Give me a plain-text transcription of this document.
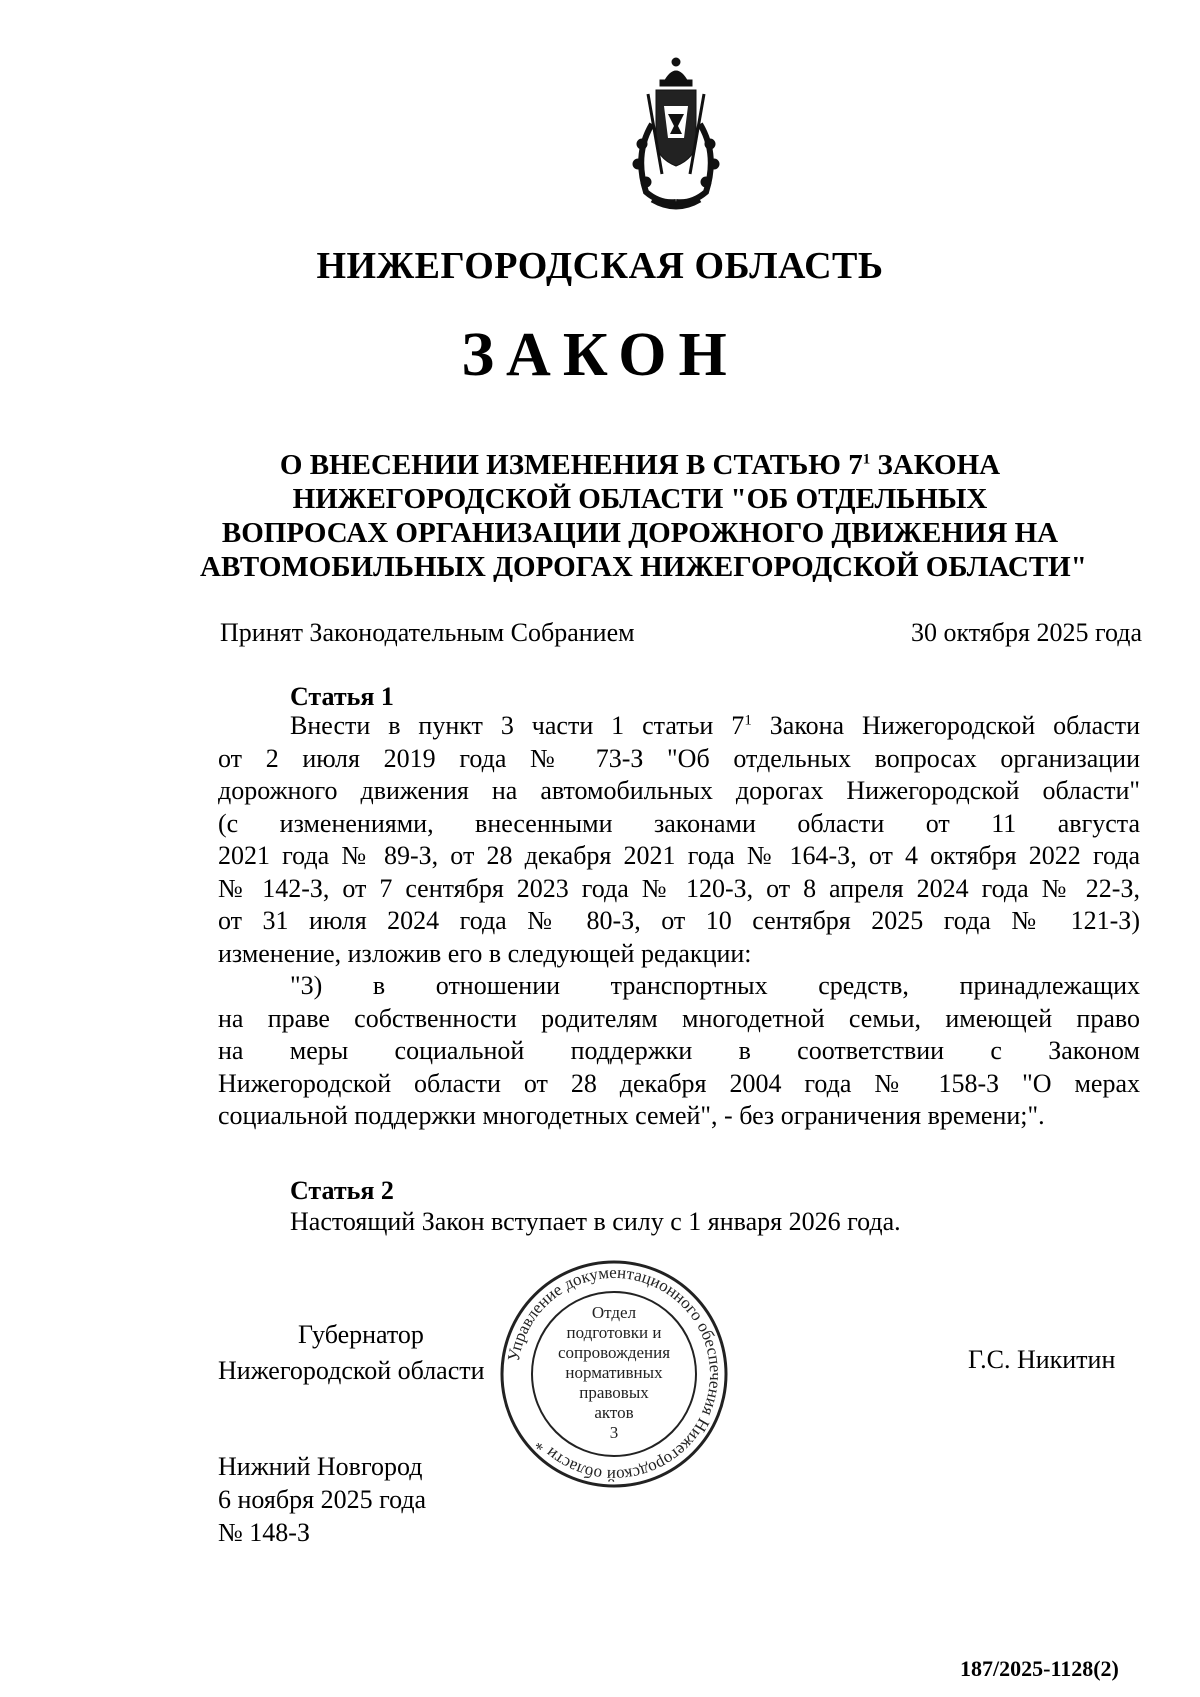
НИЖЕГОРОДСКАЯ ОБЛАСТЬ
ЗАКОН
О ВНЕСЕНИИ ИЗМЕНЕНИЯ В СТАТЬЮ $7^1$ ЗАКОНА
НИЖЕГОРОДСКОЙ ОБЛАСТИ "ОБ ОТДЕЛЬНЫХ
ВОПРОСАХ ОРГАНИЗАЦИИ ДОРОЖНОГО ДВИЖЕНИЯ НА
АВТОМОБИЛЬНЫХ ДОРОГАХ НИЖЕГОРОДСКОЙ ОБЛАСТИ"
Принят Законодательным Собранием	30 октября 2025 года
Статья 1
Внести в пункт 3 части 1 статьи $7^1$ Закона Нижегородской области
от 2 июля 2019 года № 73-З "Об отдельных вопросах организации
дорожного движения на автомобильных дорогах Нижегородской области"
(с изменениями, внесенными законами области от 11 августа
2021 года № 89-З, от 28 декабря 2021 года № 164-З, от 4 октября 2022 года
№ 142-З, от 7 сентября 2023 года № 120-З, от 8 апреля 2024 года № 22-З,
от 31 июля 2024 года № 80-З, от 10 сентября 2025 года № 121-З)
изменение, изложив его в следующей редакции:
"3) в отношении транспортных средств, принадлежащих
на праве собственности родителям многодетной семьи, имеющей право
на меры социальной поддержки в соответствии с Законом
Нижегородской области от 28 декабря 2004 года № 158-З "О мерах
социальной поддержки многодетных семей", - без ограничения времени;".
Статья 2
Настоящий Закон вступает в силу с 1 января 2026 года.
Губернатор
Нижегородской области	Г.С. Никитин
Управление документационного обеспечения Нижегородской области *
Отдел
подготовки и
сопровождения
нормативных
правовых
актов
3
Нижний Новгород
6 ноября 2025 года
№ 148-З
187/2025-1128(2)
